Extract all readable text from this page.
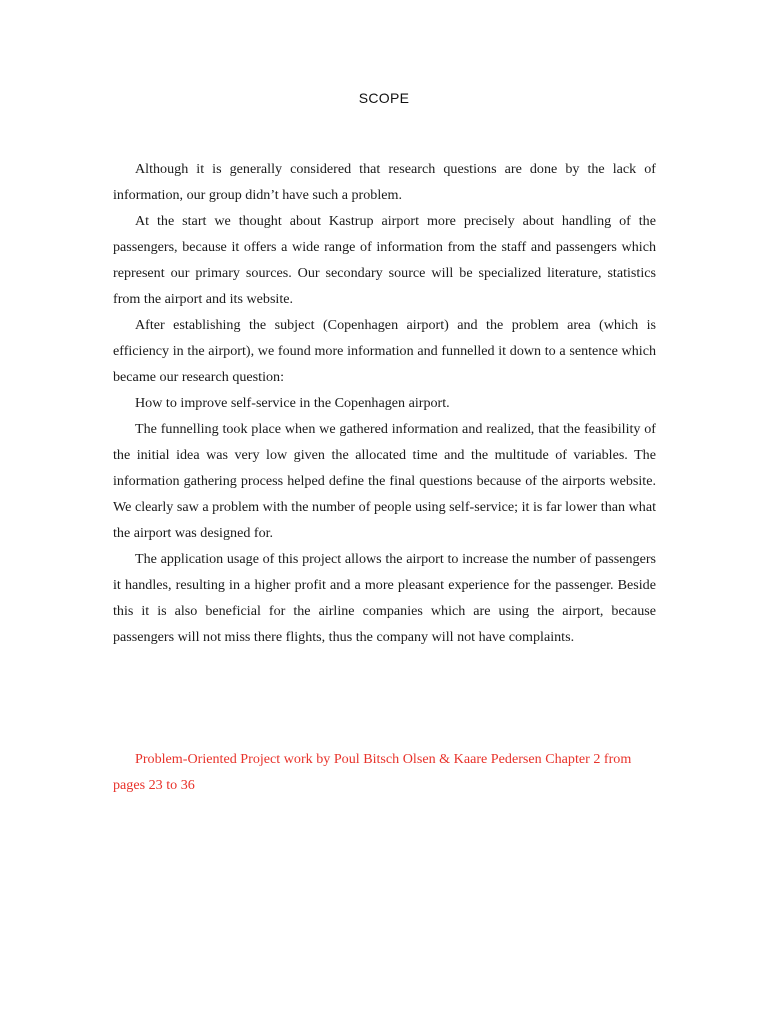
SCOPE

Although it is generally considered that research questions are done by the lack of information, our group didn’t have such a problem.

At the start we thought about Kastrup airport more precisely about handling of the passengers, because it offers a wide range of information from the staff and passengers which represent our primary sources. Our secondary source will be specialized literature, statistics from the airport and its website.

After establishing the subject (Copenhagen airport) and the problem area (which is efficiency in the airport), we found more information and funnelled it down to a sentence which became our research question:

How to improve self-service in the Copenhagen airport.

The funnelling took place when we gathered information and realized, that the feasibility of the initial idea was very low given the allocated time and the multitude of variables. The information gathering process helped define the final questions because of the airports website. We clearly saw a problem with the number of people using self-service; it is far lower than what the airport was designed for.

The application usage of this project allows the airport to increase the number of passengers it handles, resulting in a higher profit and a more pleasant experience for the passenger. Beside this it is also beneficial for the airline companies which are using the airport, because passengers will not miss there flights, thus the company will not have complaints.

Problem-Oriented Project work by Poul Bitsch Olsen & Kaare Pedersen Chapter 2 from pages 23 to 36
